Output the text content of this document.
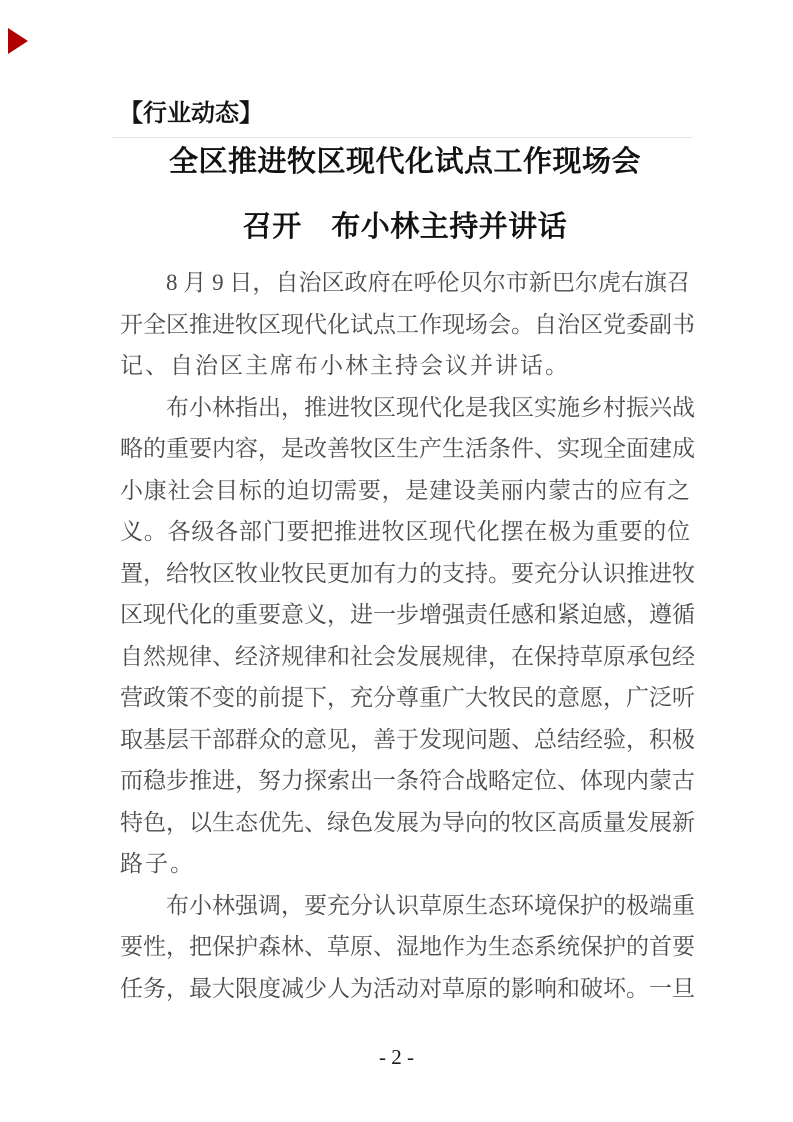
【行业动态】
全区推进牧区现代化试点工作现场会
召开　布小林主持并讲话
8 月 9 日，自治区政府在呼伦贝尔市新巴尔虎右旗召
开全区推进牧区现代化试点工作现场会。自治区党委副书
记、自治区主席布小林主持会议并讲话。
布小林指出，推进牧区现代化是我区实施乡村振兴战
略的重要内容，是改善牧区生产生活条件、实现全面建成
小康社会目标的迫切需要，是建设美丽内蒙古的应有之
义。各级各部门要把推进牧区现代化摆在极为重要的位
置，给牧区牧业牧民更加有力的支持。要充分认识推进牧
区现代化的重要意义，进一步增强责任感和紧迫感，遵循
自然规律、经济规律和社会发展规律，在保持草原承包经
营政策不变的前提下，充分尊重广大牧民的意愿，广泛听
取基层干部群众的意见，善于发现问题、总结经验，积极
而稳步推进，努力探索出一条符合战略定位、体现内蒙古
特色，以生态优先、绿色发展为导向的牧区高质量发展新
路子。
布小林强调，要充分认识草原生态环境保护的极端重
要性，把保护森林、草原、湿地作为生态系统保护的首要
任务，最大限度减少人为活动对草原的影响和破坏。一旦
- 2 -
